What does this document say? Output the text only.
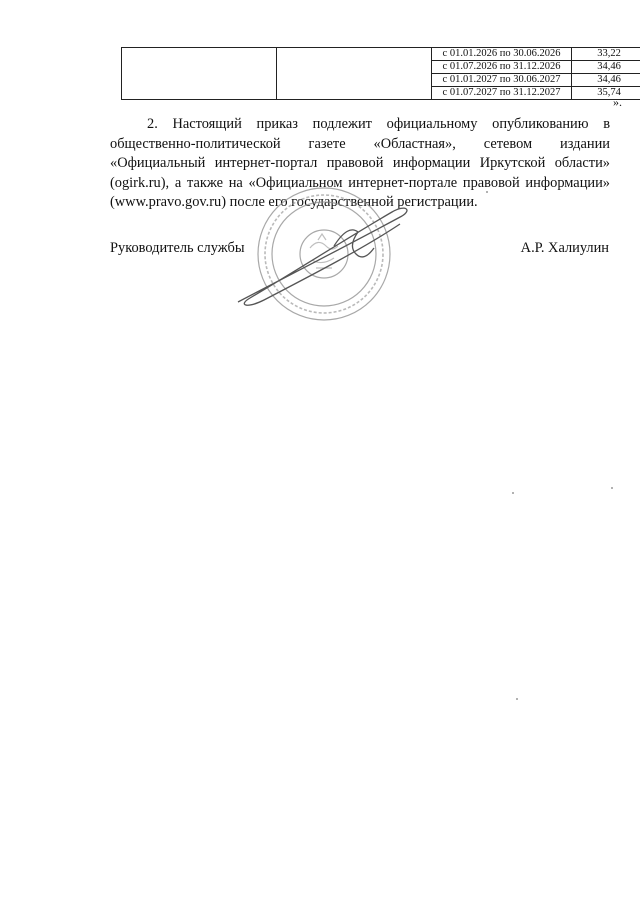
		с 01.01.2026 по 30.06.2026	33,22
		с 01.07.2026 по 31.12.2026	34,46
		с 01.01.2027 по 30.06.2027	34,46
		с 01.07.2027 по 31.12.2027	35,74
».

2. Настоящий приказ подлежит официальному опубликованию в общественно-политической газете «Областная», сетевом издании «Официальный интернет-портал правовой информации Иркутской области» (ogirk.ru), а также на «Официальном интернет-портале правовой информации» (www.pravo.gov.ru) после его государственной регистрации.

Руководитель службы	А.Р. Халиулин
